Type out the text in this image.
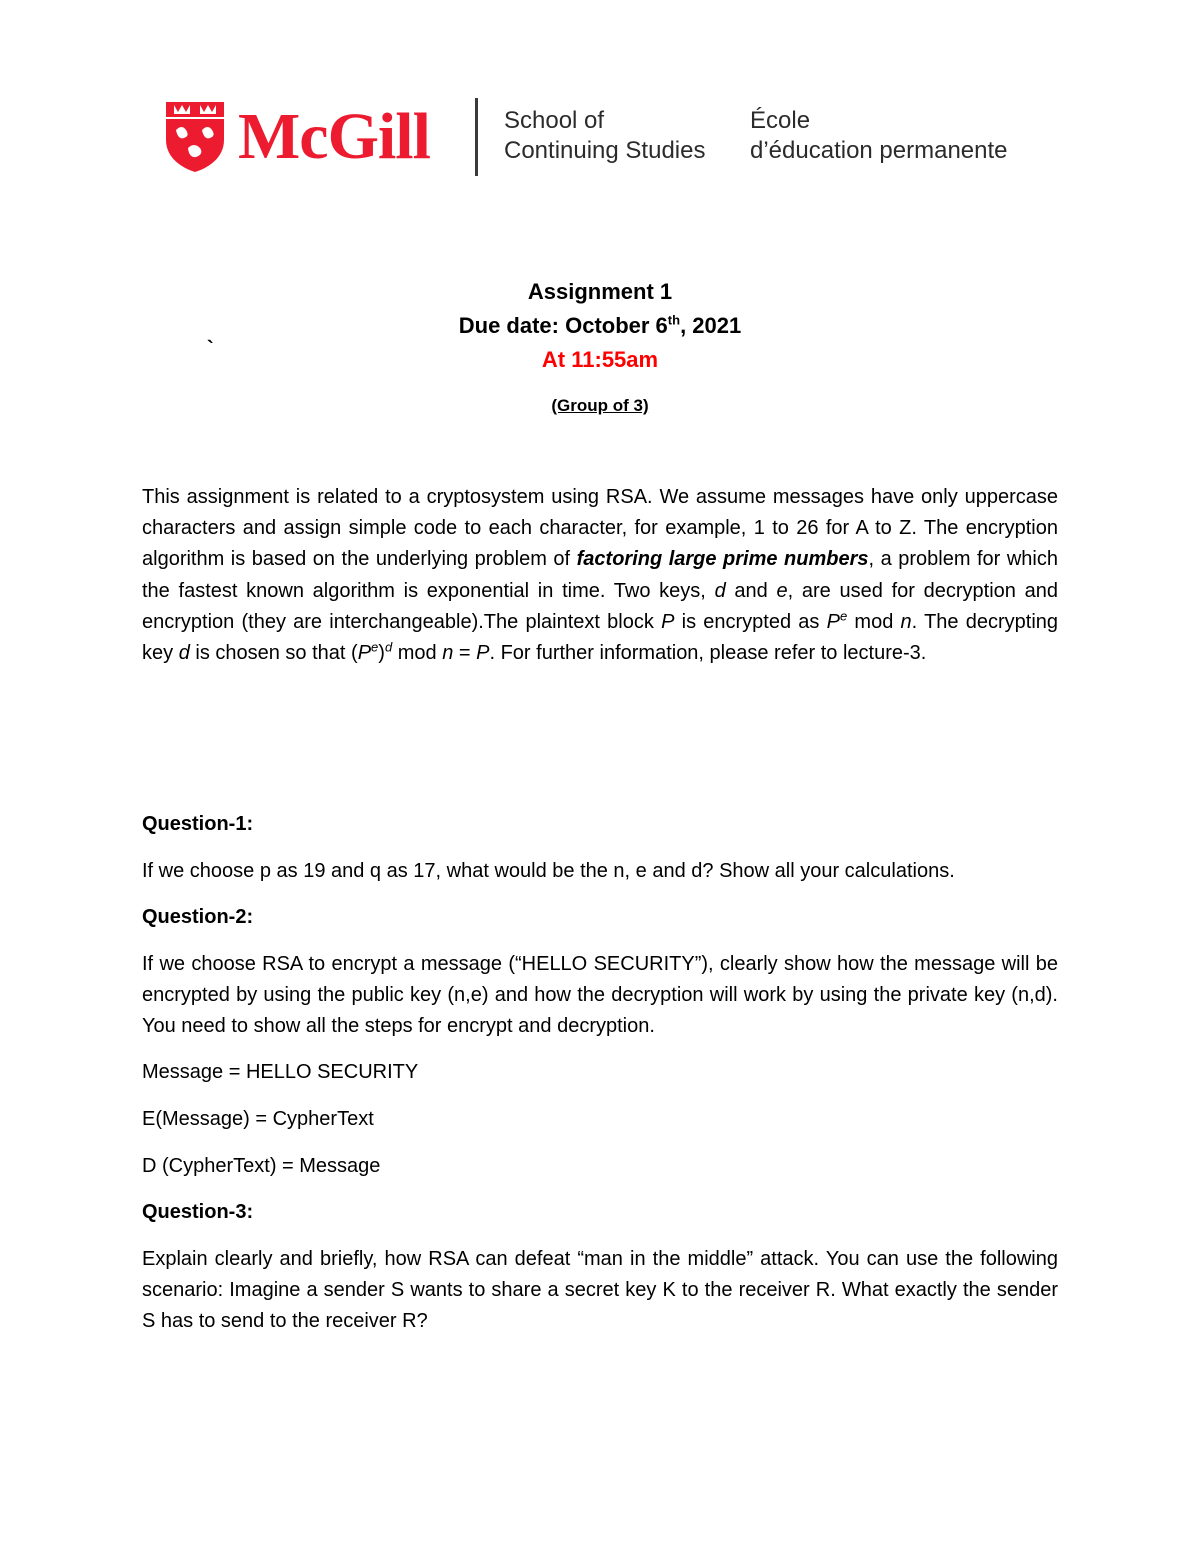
McGill	School of
Continuing Studies
École
d’éducation permanente
Assignment 1
Due date: October 6th, 2021
At 11:55am
`
(Group of 3)

This assignment is related to a cryptosystem using RSA. We assume messages have only uppercase characters and assign simple code to each character, for example, 1 to 26 for A to Z. The encryption algorithm is based on the underlying problem of factoring large prime numbers, a problem for which the fastest known algorithm is exponential in time. Two keys, d and e, are used for decryption and encryption (they are interchangeable).The plaintext block P is encrypted as $P^e$ mod n. The decrypting key d is chosen so that $(P^e)^d$ mod n = P. For further information, please refer to lecture-3.

Question-1:
If we choose p as 19 and q as 17, what would be the n, e and d? Show all your calculations.
Question-2:
If we choose RSA to encrypt a message (“HELLO SECURITY”), clearly show how the message will be encrypted by using the public key (n,e) and how the decryption will work by using the private key (n,d). You need to show all the steps for encrypt and decryption.
Message = HELLO SECURITY
E(Message) = CypherText
D (CypherText) = Message
Question-3:
Explain clearly and briefly, how RSA can defeat “man in the middle” attack. You can use the following scenario: Imagine a sender S wants to share a secret key K to the receiver R. What exactly the sender S has to send to the receiver R?
